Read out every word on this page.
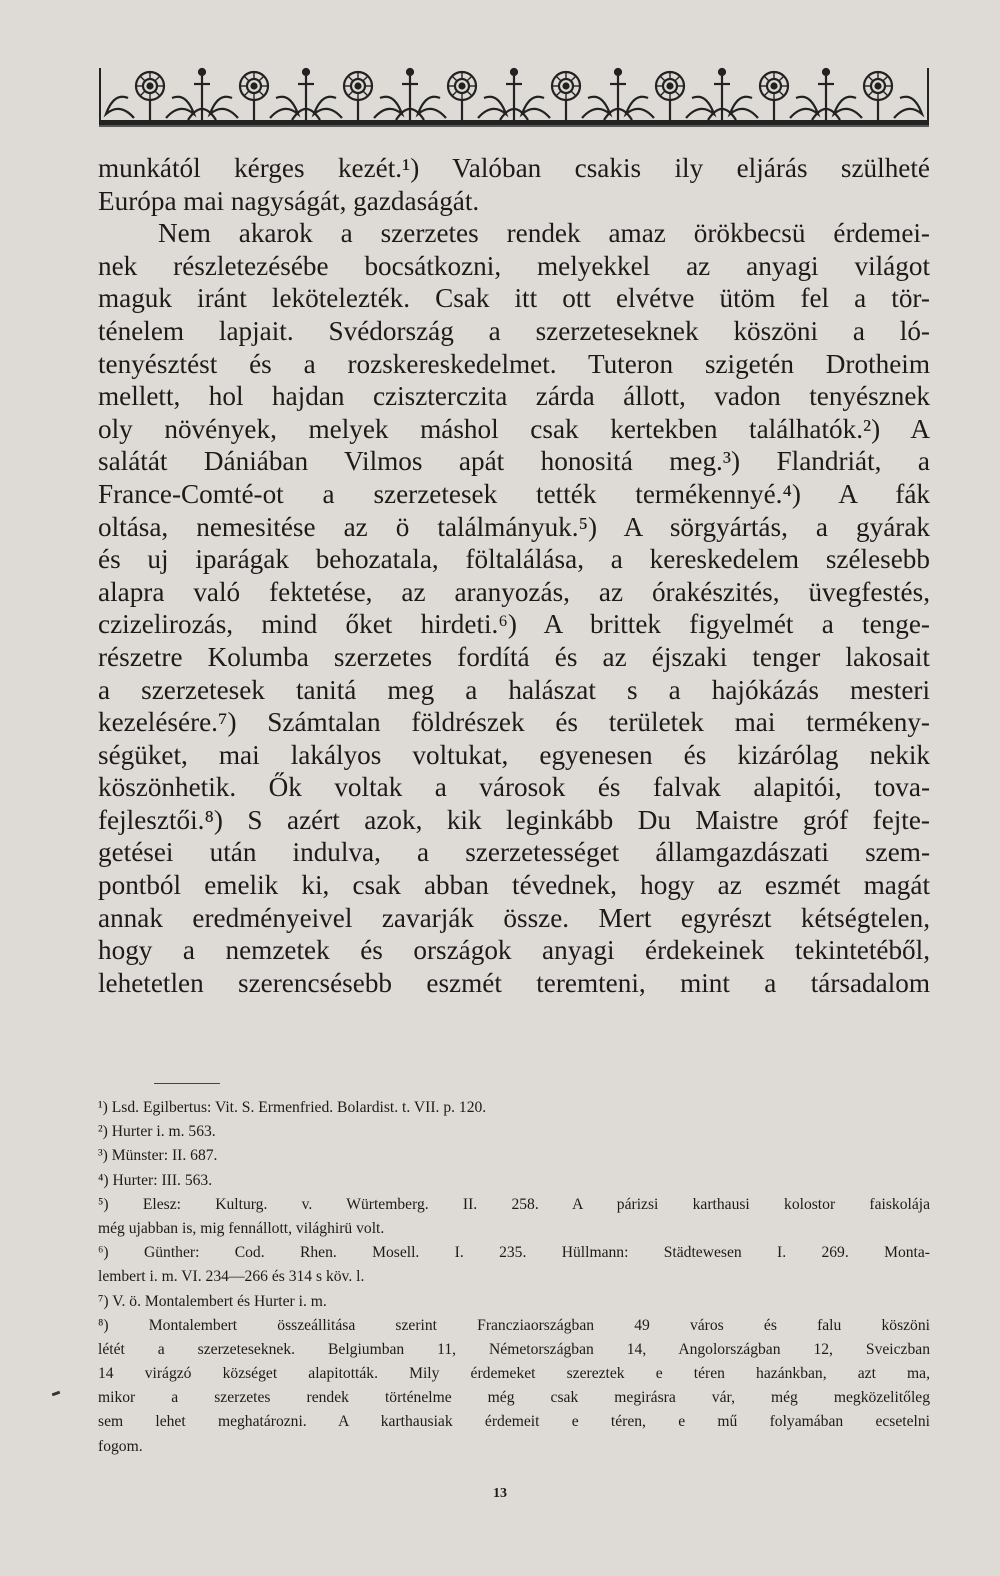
munkától kérges kezét.¹) Valóban csakis ily eljárás szülheté
Európa mai nagyságát, gazdaságát.
Nem akarok a szerzetes rendek amaz örökbecsü érdemei-
nek részletezésébe bocsátkozni, melyekkel az anyagi világot
maguk iránt lekötelezték. Csak itt ott elvétve ütöm fel a tör-
ténelem lapjait. Svédország a szerzeteseknek köszöni a ló-
tenyésztést és a rozskereskedelmet. Tuteron szigetén Drotheim
mellett, hol hajdan cziszterczita zárda állott, vadon tenyésznek
oly növények, melyek máshol csak kertekben találhatók.²) A
salátát Dániában Vilmos apát honositá meg.³) Flandriát, a
France-Comté-ot a szerzetesek tették termékennyé.⁴) A fák
oltása, nemesitése az ö találmányuk.⁵) A sörgyártás, a gyárak
és uj iparágak behozatala, föltalálása, a kereskedelem szélesebb
alapra való fektetése, az aranyozás, az órakészités, üvegfestés,
czizelirozás, mind őket hirdeti.⁶) A brittek figyelmét a tenge-
részetre Kolumba szerzetes fordítá és az éjszaki tenger lakosait
a szerzetesek tanitá meg a halászat s a hajókázás mesteri
kezelésére.⁷) Számtalan földrészek és területek mai termékeny-
ségüket, mai lakályos voltukat, egyenesen és kizárólag nekik
köszönhetik. Ők voltak a városok és falvak alapitói, tova-
fejlesztői.⁸) S azért azok, kik leginkább Du Maistre gróf fejte-
getései után indulva, a szerzetességet államgazdászati szem-
pontból emelik ki, csak abban tévednek, hogy az eszmét magát
annak eredményeivel zavarják össze. Mert egyrészt kétségtelen,
hogy a nemzetek és országok anyagi érdekeinek tekintetéből,
lehetetlen szerencsésebb eszmét teremteni, mint a társadalom
¹) Lsd. Egilbertus: Vit. S. Ermenfried. Bolardist. t. VII. p. 120.
²) Hurter i. m. 563.
³) Münster: II. 687.
⁴) Hurter: III. 563.
⁵) Elesz: Kulturg. v. Würtemberg. II. 258. A párizsi karthausi kolostor faiskolája
még ujabban is, mig fennállott, világhirü volt.
⁶) Günther: Cod. Rhen. Mosell. I. 235. Hüllmann: Städtewesen I. 269. Monta-
lembert i. m. VI. 234—266 és 314 s köv. l.
⁷) V. ö. Montalembert és Hurter i. m.
⁸) Montalembert összeállitása szerint Francziaországban 49 város és falu köszöni
létét a szerzeteseknek. Belgiumban 11, Németországban 14, Angolországban 12, Sveiczban
14 virágzó községet alapitották. Mily érdemeket szereztek e téren hazánkban, azt ma,
mikor a szerzetes rendek történelme még csak megirásra vár, még megközelitőleg
sem lehet meghatározni. A karthausiak érdemeit e téren, e mű folyamában ecsetelni
fogom.
13
